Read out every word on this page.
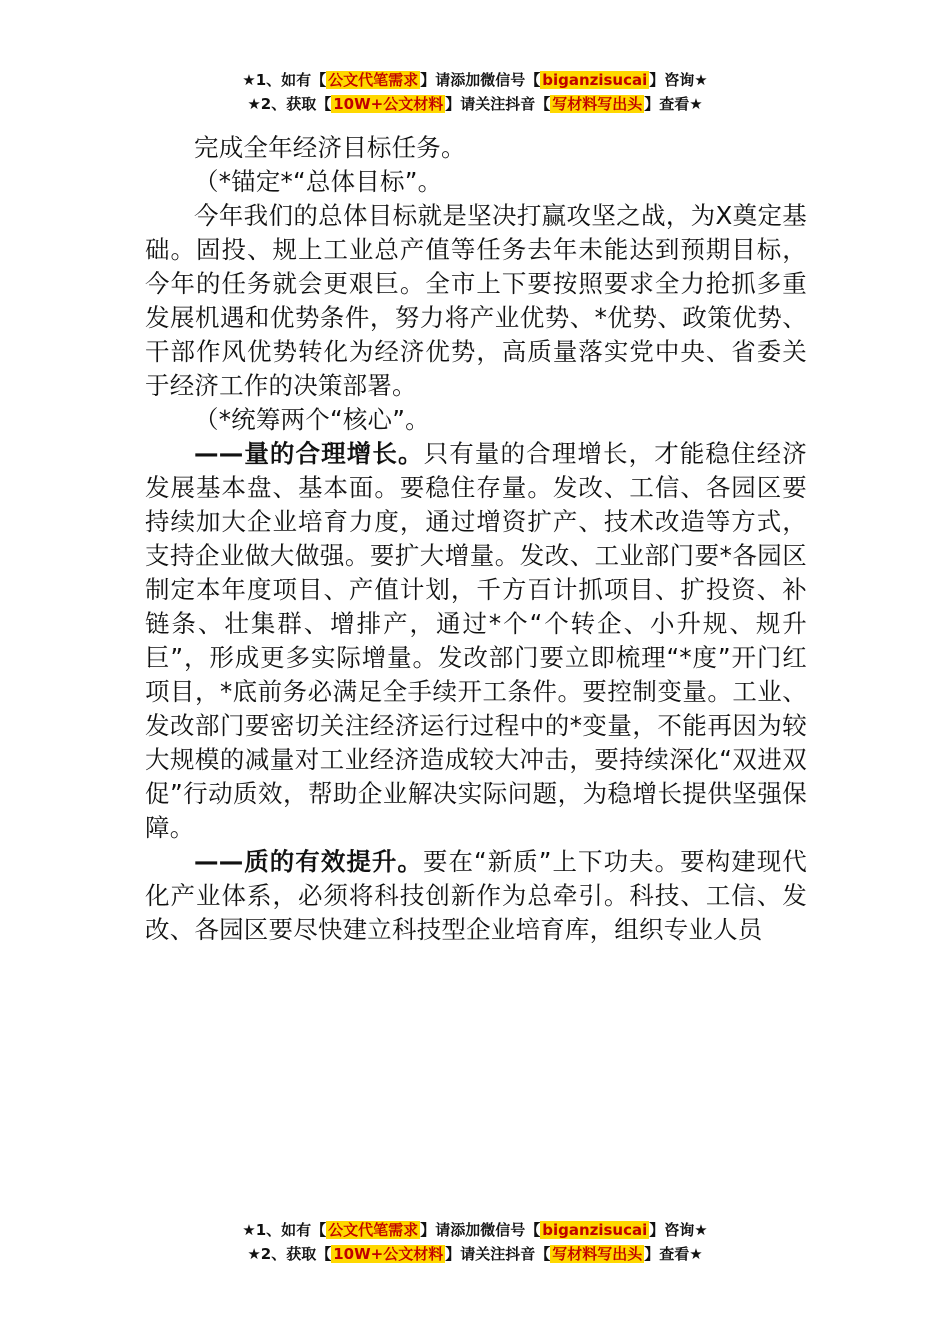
★1、如有【 公文代笔需求 】请添加微信号【 biganzisucai 】咨询★
★2、获取【 10W+公文材料 】请关注抖音【 写材料写出头 】查看★

完成全年经济目标任务。

（*锚定*“总体目标”。

今年我们的总体目标就是坚决打赢攻坚之战，为X奠定基础。固投、规上工业总产值等任务去年未能达到预期目标，今年的任务就会更艰巨。全市上下要按照要求全力抢抓多重发展机遇和优势条件，努力将产业优势、*优势、政策优势、干部作风优势转化为经济优势，高质量落实党中央、省委关于经济工作的决策部署。

（*统筹两个“核心”。

——量的合理增长。只有量的合理增长，才能稳住经济发展基本盘、基本面。要稳住存量。发改、工信、各园区要持续加大企业培育力度，通过增资扩产、技术改造等方式，支持企业做大做强。要扩大增量。发改、工业部门要*各园区制定本年度项目、产值计划，千方百计抓项目、扩投资、补链条、壮集群、增排产，通过*个“个转企、小升规、规升巨”，形成更多实际增量。发改部门要立即梳理“*度”开门红项目，*底前务必满足全手续开工条件。要控制变量。工业、发改部门要密切关注经济运行过程中的*变量，不能再因为较大规模的减量对工业经济造成较大冲击，要持续深化“双进双促”行动质效，帮助企业解决实际问题，为稳增长提供坚强保障。

——质的有效提升。要在“新质”上下功夫。要构建现代化产业体系，必须将科技创新作为总牵引。科技、工信、发改、各园区要尽快建立科技型企业培育库，组织专业人员

★1、如有【 公文代笔需求 】请添加微信号【 biganzisucai 】咨询★
★2、获取【 10W+公文材料 】请关注抖音【 写材料写出头 】查看★
